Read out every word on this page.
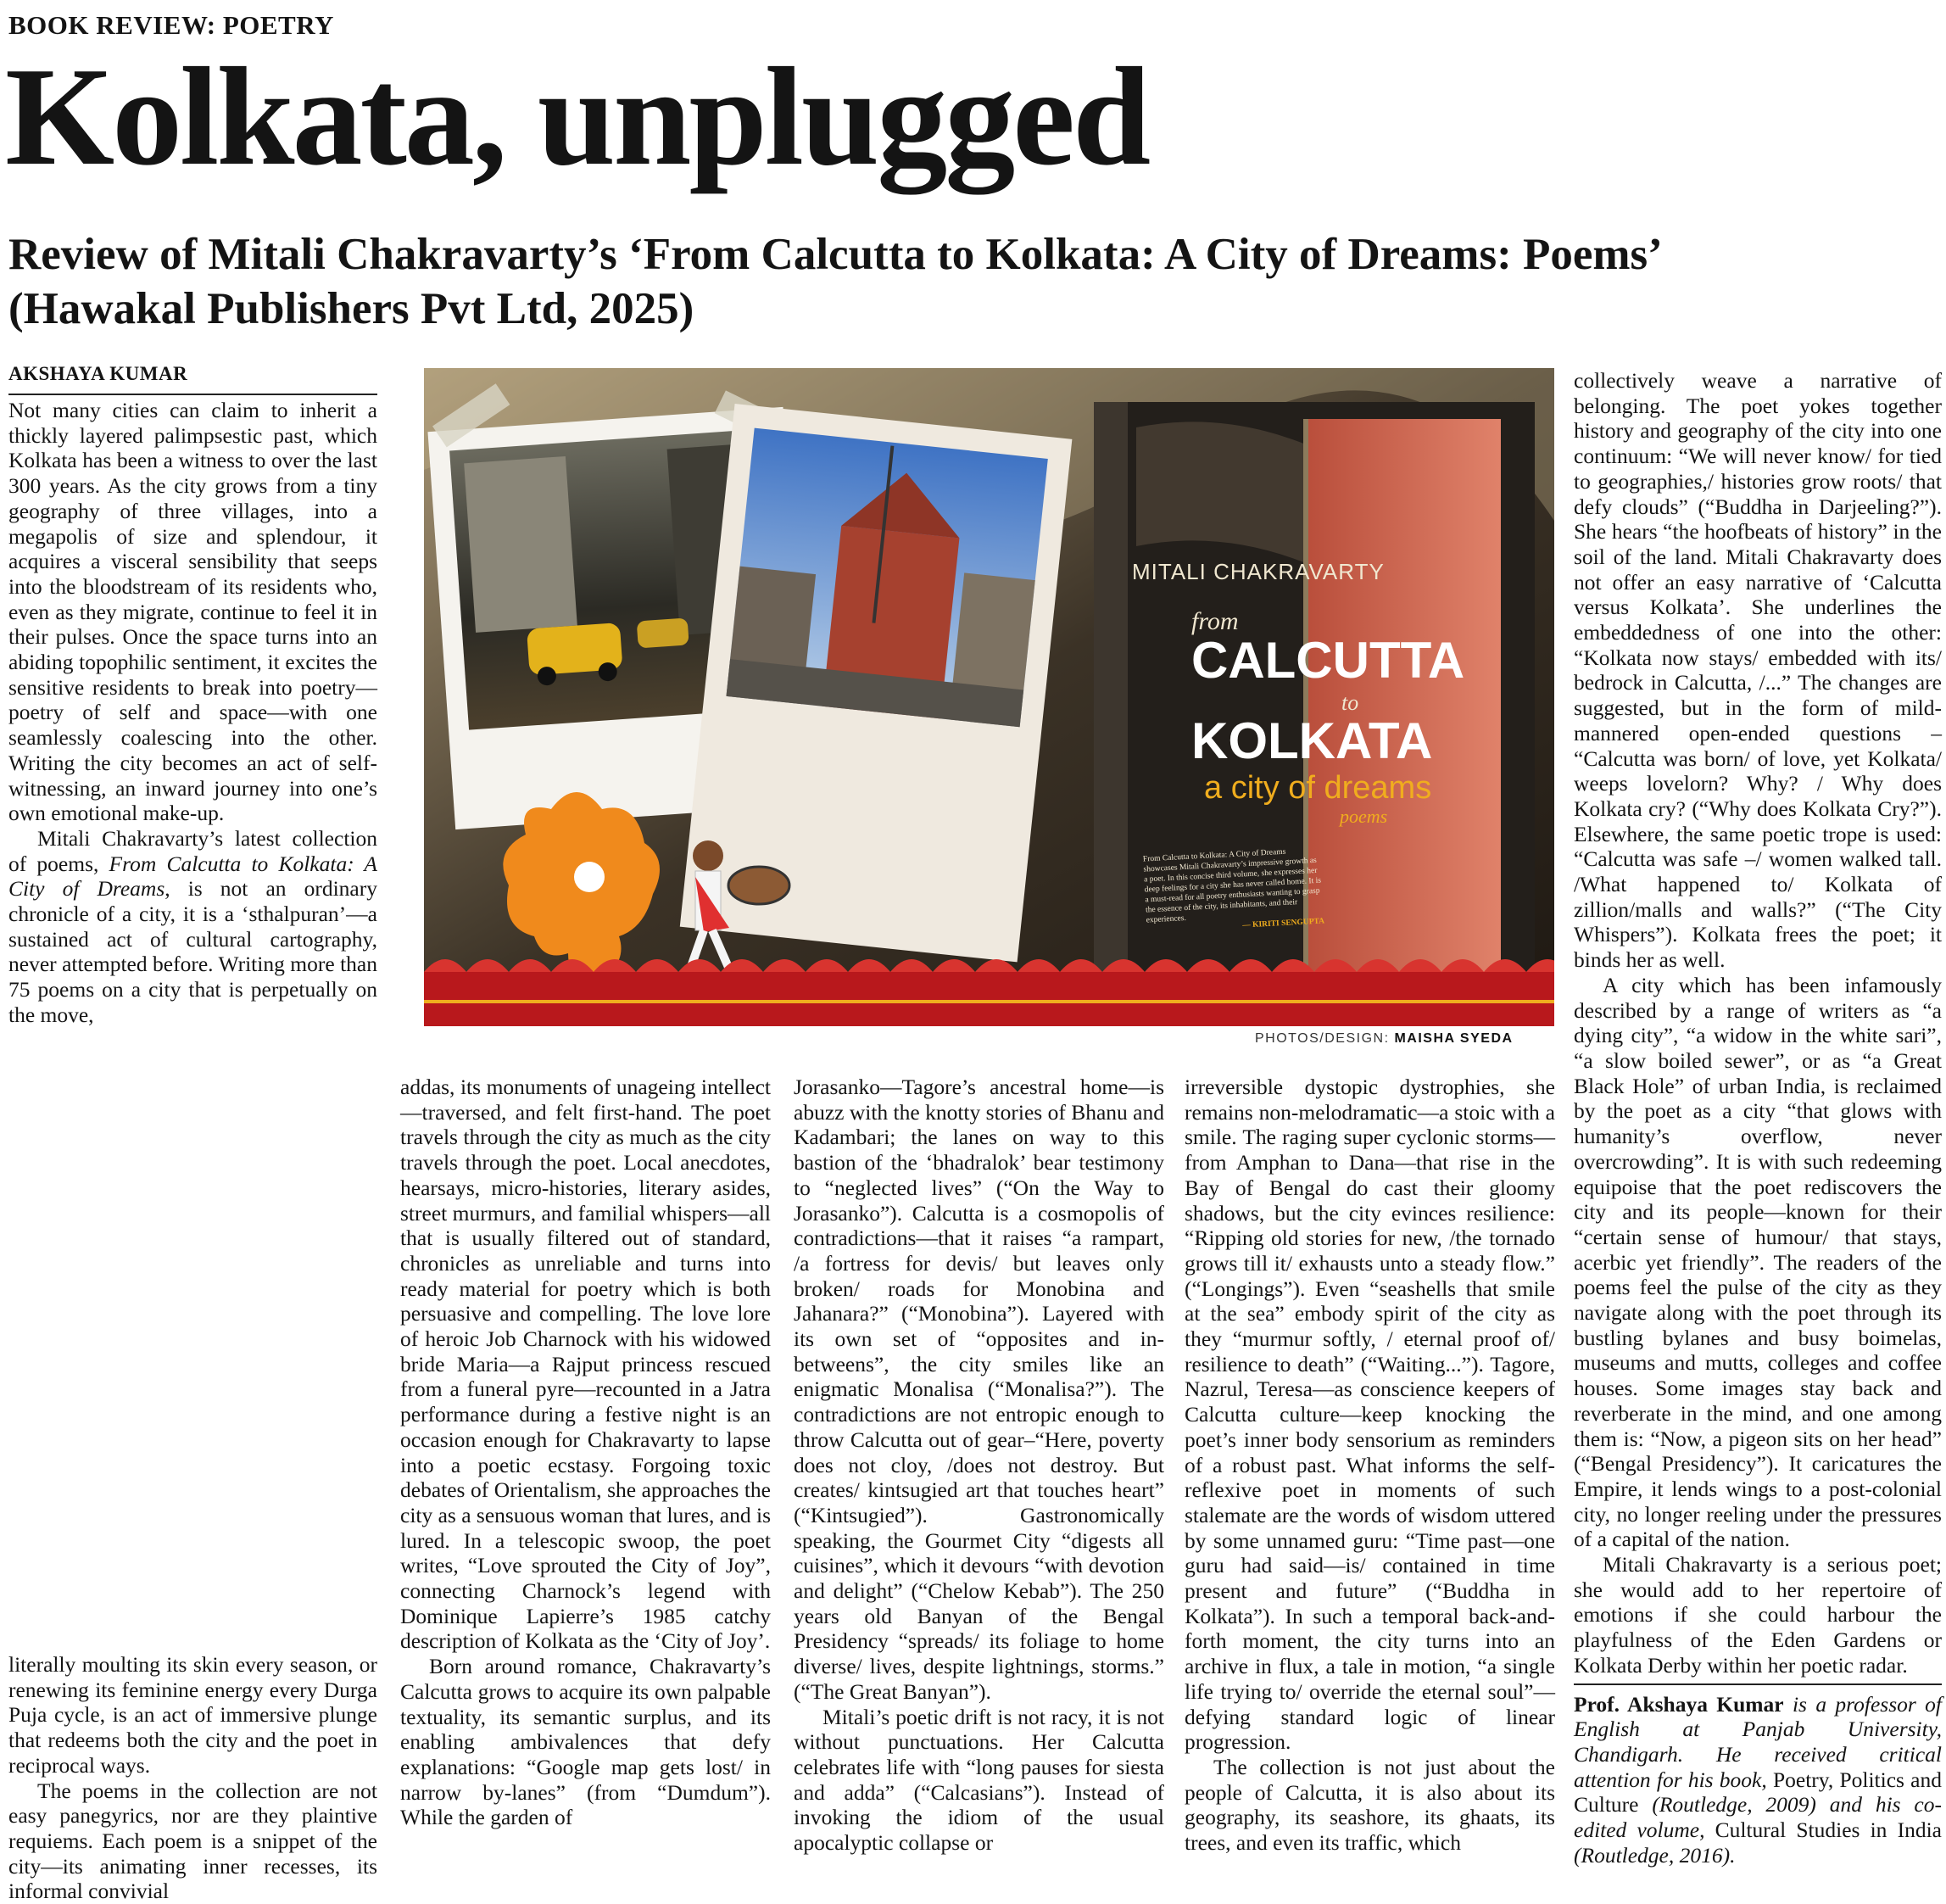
BOOK REVIEW: POETRY
Kolkata, unplugged
Review of Mitali Chakravarty’s ‘From Calcutta to Kolkata: A City of Dreams: Poems’
(Hawakal Publishers Pvt Ltd, 2025)
AKSHAYA KUMAR

Not many cities can claim to inherit a thickly layered palimpsestic past, which Kolkata has been a witness to over the last 300 years. As the city grows from a tiny geography of three villages, into a megapolis of size and splendour, it acquires a visceral sensibility that seeps into the bloodstream of its residents who, even as they migrate, continue to feel it in their pulses. Once the space turns into an abiding topophilic sentiment, it excites the sensitive residents to break into poetry—poetry of self and space—with one seamlessly coalescing into the other. Writing the city becomes an act of self-witnessing, an inward journey into one’s own emotional make-up.

Mitali Chakravarty’s latest collection of poems, From Calcutta to Kolkata: A City of Dreams, is not an ordinary chronicle of a city, it is a ‘sthalpuran’—a sustained act of cultural cartography, never attempted before. Writing more than 75 poems on a city that is perpetually on the move,

MITALI CHAKRAVARTY
from
CALCUTTA
to
KOLKATA
a city of dreams
poems
From Calcutta to Kolkata: A City of Dreams showcases Mitali Chakravarty’s impressive growth as a poet. In this concise third volume, she expresses her deep feelings for a city she has never called home. It is a must-read for all poetry enthusiasts wanting to grasp the essence of the city, its inhabitants, and their experiences.	— KIRITI SENGUPTA
PHOTOS/DESIGN: MAISHA SYEDA

literally moulting its skin every season, or renewing its feminine energy every Durga Puja cycle, is an act of immersive plunge that redeems both the city and the poet in reciprocal ways.

The poems in the collection are not easy panegyrics, nor are they plaintive requiems. Each poem is a snippet of the city—its animating inner recesses, its informal convivial

addas, its monuments of unageing intellect—traversed, and felt first-hand. The poet travels through the city as much as the city travels through the poet. Local anecdotes, hearsays, micro-histories, literary asides, street murmurs, and familial whispers—all that is usually filtered out of standard, chronicles as unreliable and turns into ready material for poetry which is both persuasive and compelling. The love lore of heroic Job Charnock with his widowed bride Maria—a Rajput princess rescued from a funeral pyre—recounted in a Jatra performance during a festive night is an occasion enough for Chakravarty to lapse into a poetic ecstasy. Forgoing toxic debates of Orientalism, she approaches the city as a sensuous woman that lures, and is lured. In a telescopic swoop, the poet writes, “Love sprouted the City of Joy”, connecting Charnock’s legend with Dominique Lapierre’s 1985 catchy description of Kolkata as the ‘City of Joy’.

Born around romance, Chakravarty’s Calcutta grows to acquire its own palpable textuality, its semantic surplus, and its enabling ambivalences that defy explanations: “Google map gets lost/ in narrow by-lanes” (from “Dumdum”). While the garden of

Jorasanko—Tagore’s ancestral home—is abuzz with the knotty stories of Bhanu and Kadambari; the lanes on way to this bastion of the ‘bhadralok’ bear testimony to “neglected lives” (“On the Way to Jorasanko”). Calcutta is a cosmopolis of contradictions—that it raises “a rampart, /a fortress for devis/ but leaves only broken/ roads for Monobina and Jahanara?” (“Monobina”). Layered with its own set of “opposites and in-betweens”, the city smiles like an enigmatic Monalisa (“Monalisa?”). The contradictions are not entropic enough to throw Calcutta out of gear–“Here, poverty does not cloy, /does not destroy. But creates/ kintsugied art that touches heart” (“Kintsugied”). Gastronomically speaking, the Gourmet City “digests all cuisines”, which it devours “with devotion and delight” (“Chelow Kebab”). The 250 years old Banyan of the Bengal Presidency “spreads/ its foliage to home diverse/ lives, despite lightnings, storms.” (“The Great Banyan”).

Mitali’s poetic drift is not racy, it is not without punctuations. Her Calcutta celebrates life with “long pauses for siesta and adda” (“Calcasians”). Instead of invoking the idiom of the usual apocalyptic collapse or

irreversible dystopic dystrophies, she remains non-melodramatic—a stoic with a smile. The raging super cyclonic storms—from Amphan to Dana—that rise in the Bay of Bengal do cast their gloomy shadows, but the city evinces resilience: “Ripping old stories for new, /the tornado grows till it/ exhausts unto a steady flow.” (“Longings”). Even “seashells that smile at the sea” embody spirit of the city as they “murmur softly, / eternal proof of/ resilience to death” (“Waiting...”). Tagore, Nazrul, Teresa—as conscience keepers of Calcutta culture—keep knocking the poet’s inner body sensorium as reminders of a robust past. What informs the self-reflexive poet in moments of such stalemate are the words of wisdom uttered by some unnamed guru: “Time past—one guru had said—is/ contained in time present and future” (“Buddha in Kolkata”). In such a temporal back-and-forth moment, the city turns into an archive in flux, a tale in motion, “a single life trying to/ override the eternal soul”—defying standard logic of linear progression.

The collection is not just about the people of Calcutta, it is also about its geography, its seashore, its ghaats, its trees, and even its traffic, which

collectively weave a narrative of belonging. The poet yokes together history and geography of the city into one continuum: “We will never know/ for tied to geographies,/ histories grow roots/ that defy clouds” (“Buddha in Darjeeling?”). She hears “the hoofbeats of history” in the soil of the land. Mitali Chakravarty does not offer an easy narrative of ‘Calcutta versus Kolkata’. She underlines the embeddedness of one into the other: “Kolkata now stays/ embedded with its/ bedrock in Calcutta, /...” The changes are suggested, but in the form of mild-mannered open-ended questions – “Calcutta was born/ of love, yet Kolkata/ weeps lovelorn? Why? / Why does Kolkata cry? (“Why does Kolkata Cry?”). Elsewhere, the same poetic trope is used: “Calcutta was safe –/ women walked tall. /What happened to/ Kolkata of zillion/malls and walls?” (“The City Whispers”). Kolkata frees the poet; it binds her as well.

A city which has been infamously described by a range of writers as “a dying city”, “a widow in the white sari”, “a slow boiled sewer”, or as “a Great Black Hole” of urban India, is reclaimed by the poet as a city “that glows with humanity’s overflow, never overcrowding”. It is with such redeeming equipoise that the poet rediscovers the city and its people—known for their “certain sense of humour/ that stays, acerbic yet friendly”. The readers of the poems feel the pulse of the city as they navigate along with the poet through its bustling bylanes and busy boimelas, museums and mutts, colleges and coffee houses. Some images stay back and reverberate in the mind, and one among them is: “Now, a pigeon sits on her head” (“Bengal Presidency”). It caricatures the Empire, it lends wings to a post-colonial city, no longer reeling under the pressures of a capital of the nation.

Mitali Chakravarty is a serious poet; she would add to her repertoire of emotions if she could harbour the playfulness of the Eden Gardens or Kolkata Derby within her poetic radar.

Prof. Akshaya Kumar is a professor of English at Panjab University, Chandigarh. He received critical attention for his book, Poetry, Politics and Culture (Routledge, 2009) and his co-edited volume, Cultural Studies in India (Routledge, 2016).
